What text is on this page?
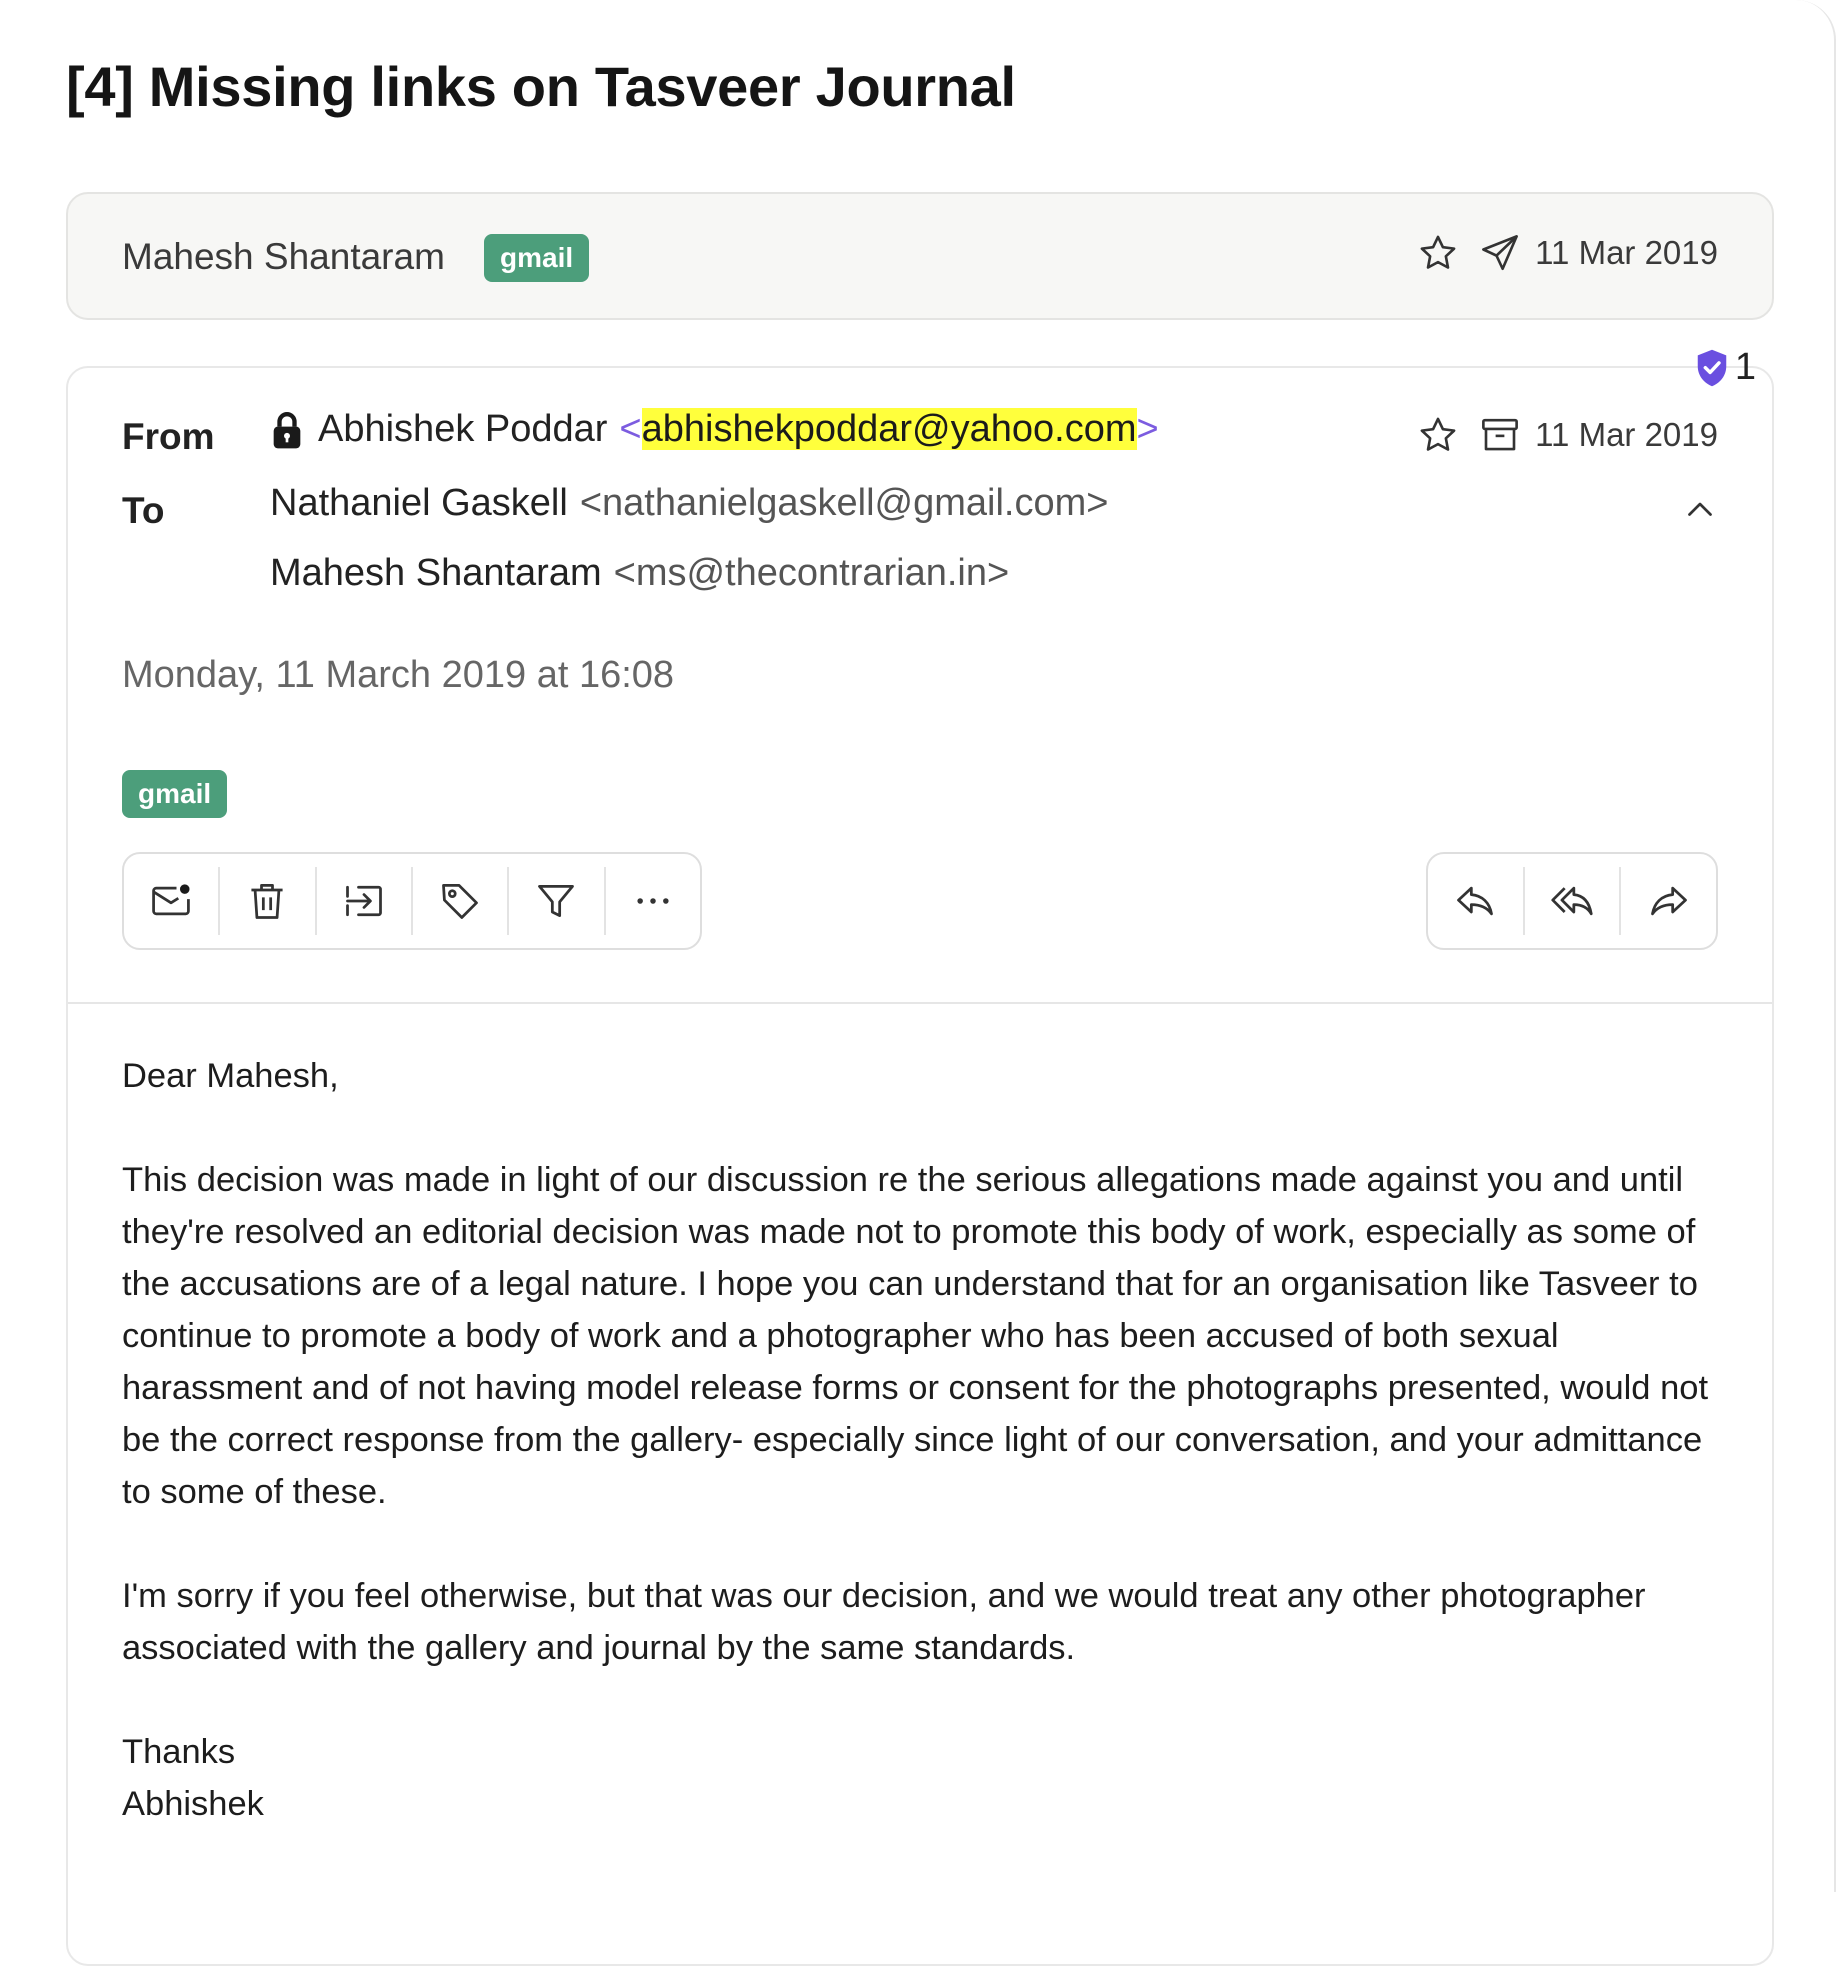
[4] Missing links on Tasveer Journal
Mahesh Shantaram	gmail	11 Mar 2019
1
From	Abhishek Poddar <abhishekpoddar@yahoo.com>	11 Mar 2019
To	Nathaniel Gaskell <nathanielgaskell@gmail.com>
Mahesh Shantaram <ms@thecontrarian.in>
Monday, 11 March 2019 at 16:08
gmail

Dear Mahesh,

This decision was made in light of our discussion re the serious allegations made against you and until they're resolved an editorial decision was made not to promote this body of work, especially as some of the accusations are of a legal nature. I hope you can understand that for an organisation like Tasveer to continue to promote a body of work and a photographer who has been accused of both sexual harassment and of not having model release forms or consent for the photographs presented, would not be the correct response from the gallery- especially since light of our conversation, and your admittance to some of these.

I'm sorry if you feel otherwise, but that was our decision, and we would treat any other photographer associated with the gallery and journal by the same standards.

Thanks

Abhishek
